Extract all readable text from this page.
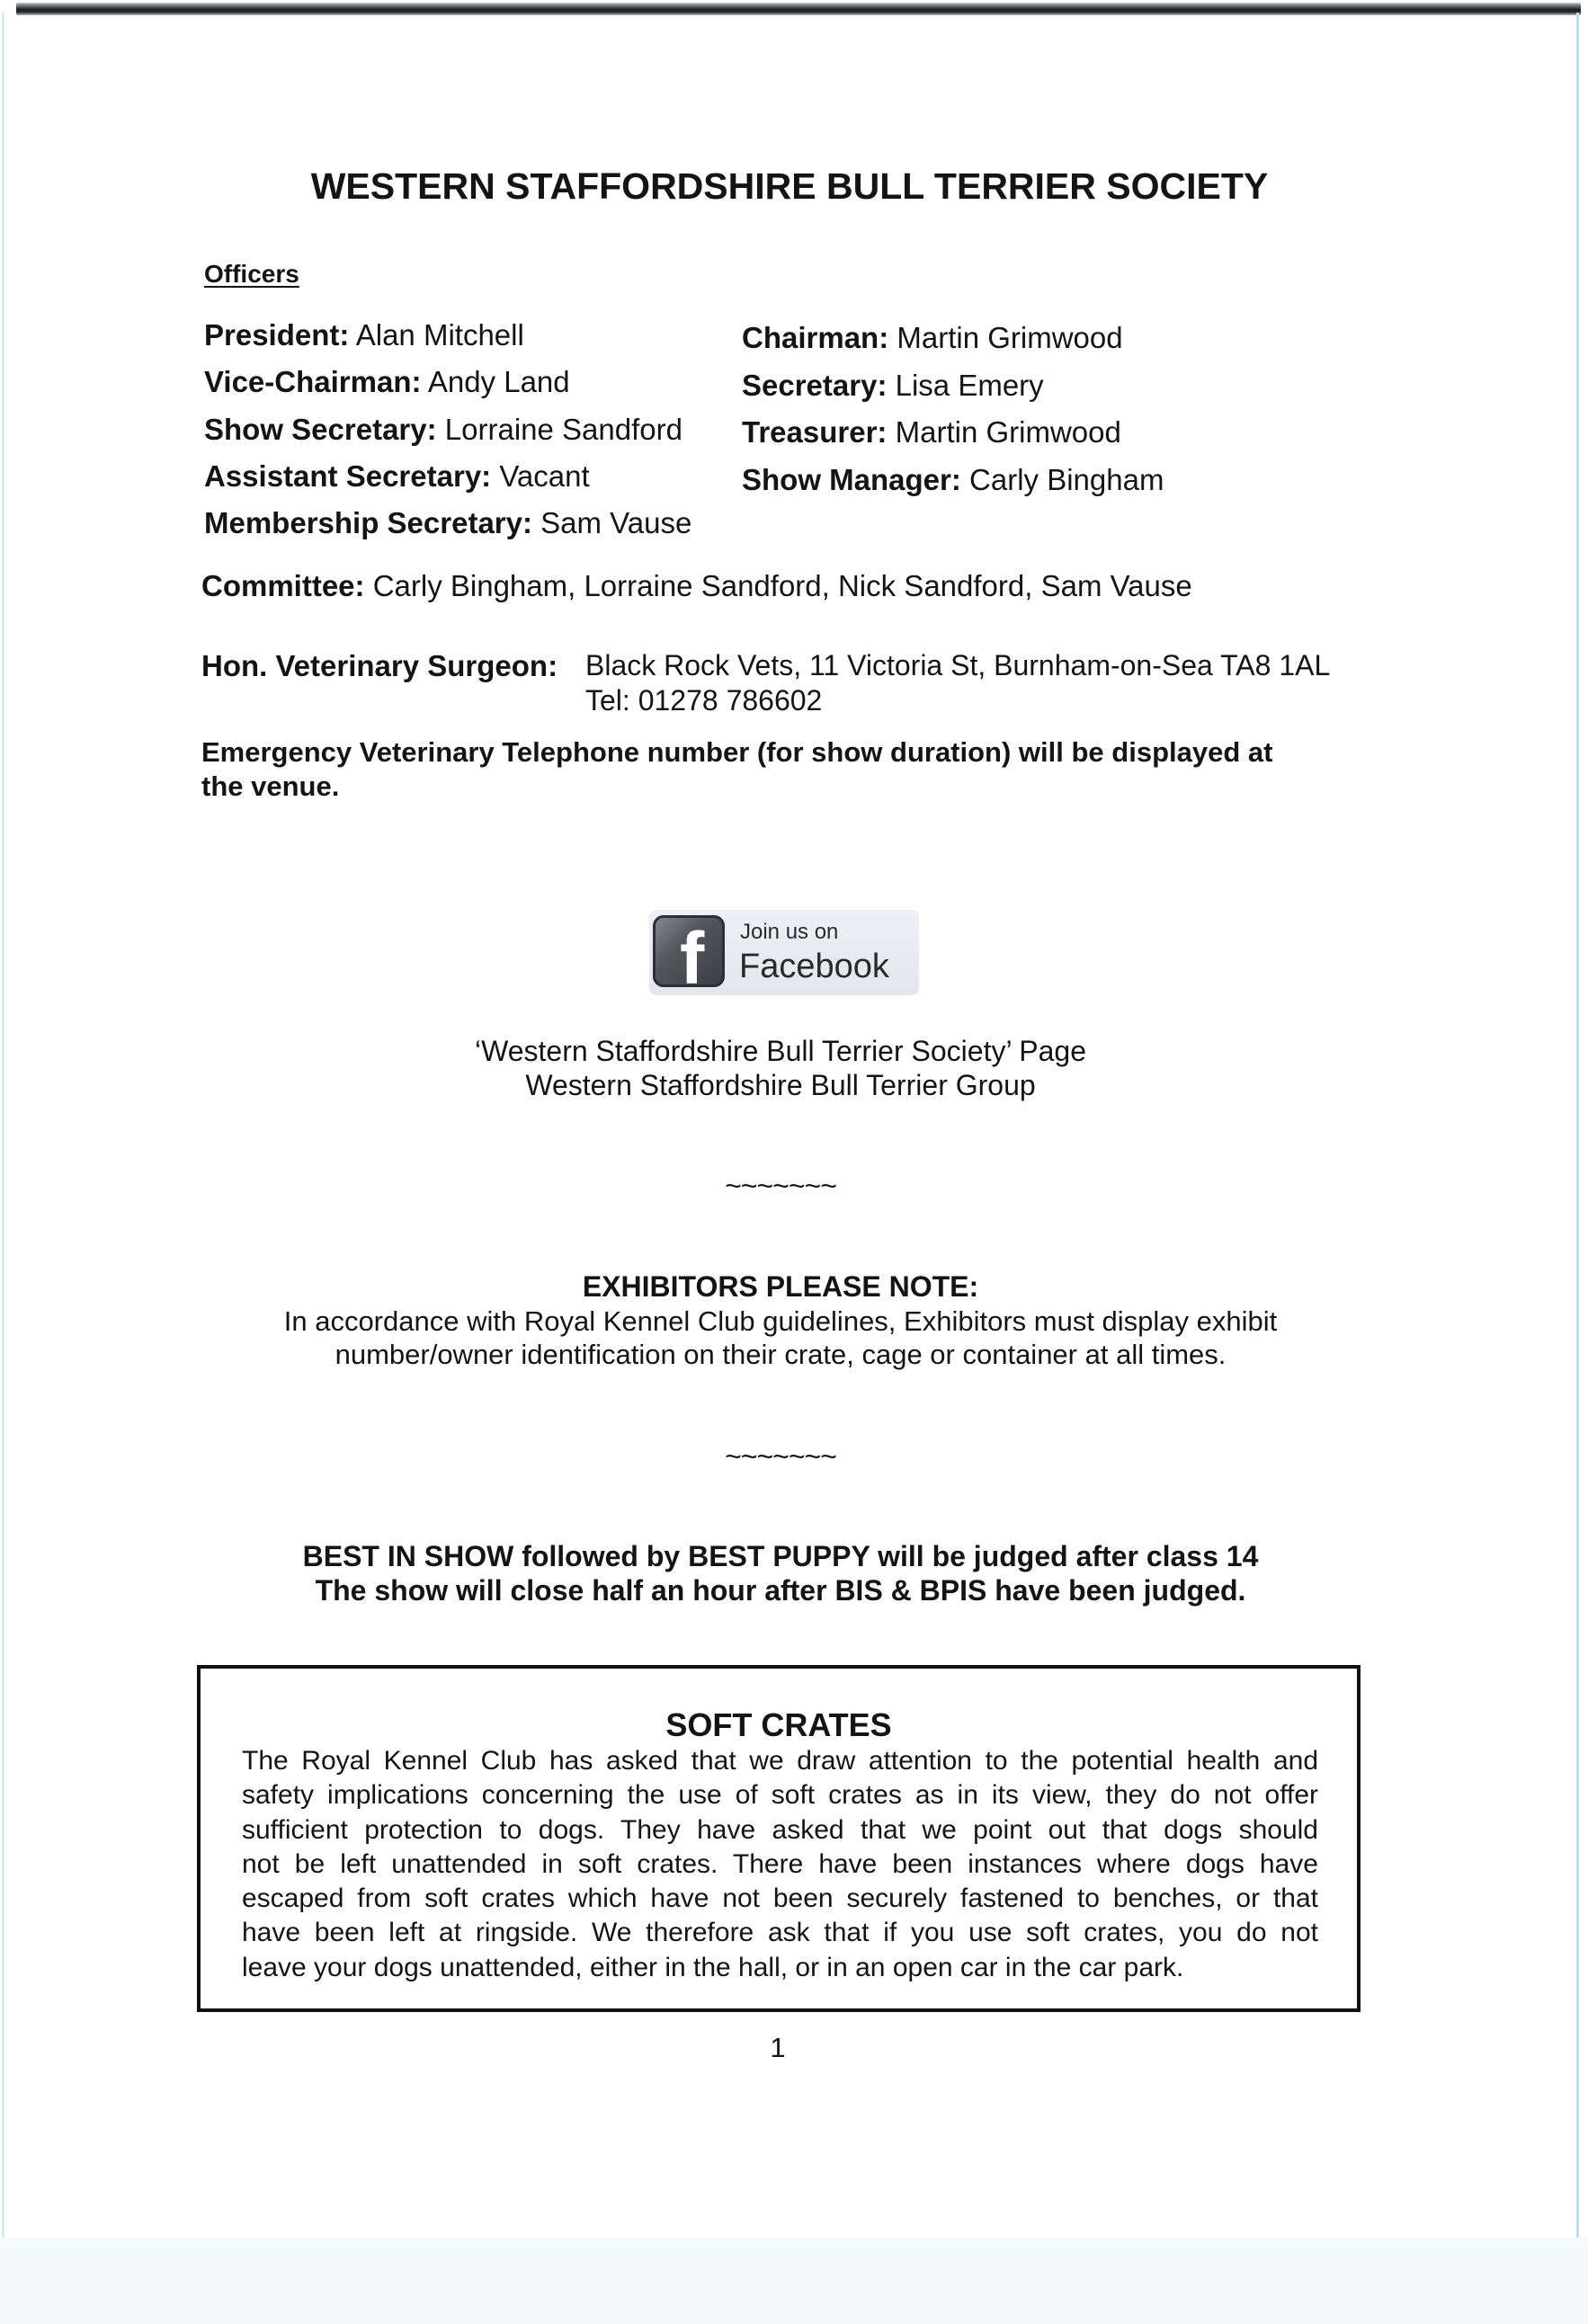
WESTERN STAFFORDSHIRE BULL TERRIER SOCIETY
Officers
President: Alan Mitchell
Vice-Chairman: Andy Land
Show Secretary: Lorraine Sandford
Assistant Secretary: Vacant
Membership Secretary: Sam Vause
Chairman: Martin Grimwood
Secretary: Lisa Emery
Treasurer: Martin Grimwood
Show Manager: Carly Bingham
Committee: Carly Bingham, Lorraine Sandford, Nick Sandford, Sam Vause
Hon. Veterinary Surgeon: Black Rock Vets, 11 Victoria St, Burnham-on-Sea TA8 1AL
Tel: 01278 786602
Emergency Veterinary Telephone number (for show duration) will be displayed at
the venue.
f Join us on
Facebook
‘Western Staffordshire Bull Terrier Society’ Page
Western Staffordshire Bull Terrier Group
~~~~~~~
EXHIBITORS PLEASE NOTE:
In accordance with Royal Kennel Club guidelines, Exhibitors must display exhibit
number/owner identification on their crate, cage or container at all times.
~~~~~~~
BEST IN SHOW followed by BEST PUPPY will be judged after class 14
The show will close half an hour after BIS & BPIS have been judged.
SOFT CRATES
The Royal Kennel Club has asked that we draw attention to the potential health and
safety implications concerning the use of soft crates as in its view, they do not offer
sufficient protection to dogs. They have asked that we point out that dogs should
not be left unattended in soft crates. There have been instances where dogs have
escaped from soft crates which have not been securely fastened to benches, or that
have been left at ringside. We therefore ask that if you use soft crates, you do not
leave your dogs unattended, either in the hall, or in an open car in the car park.
1
